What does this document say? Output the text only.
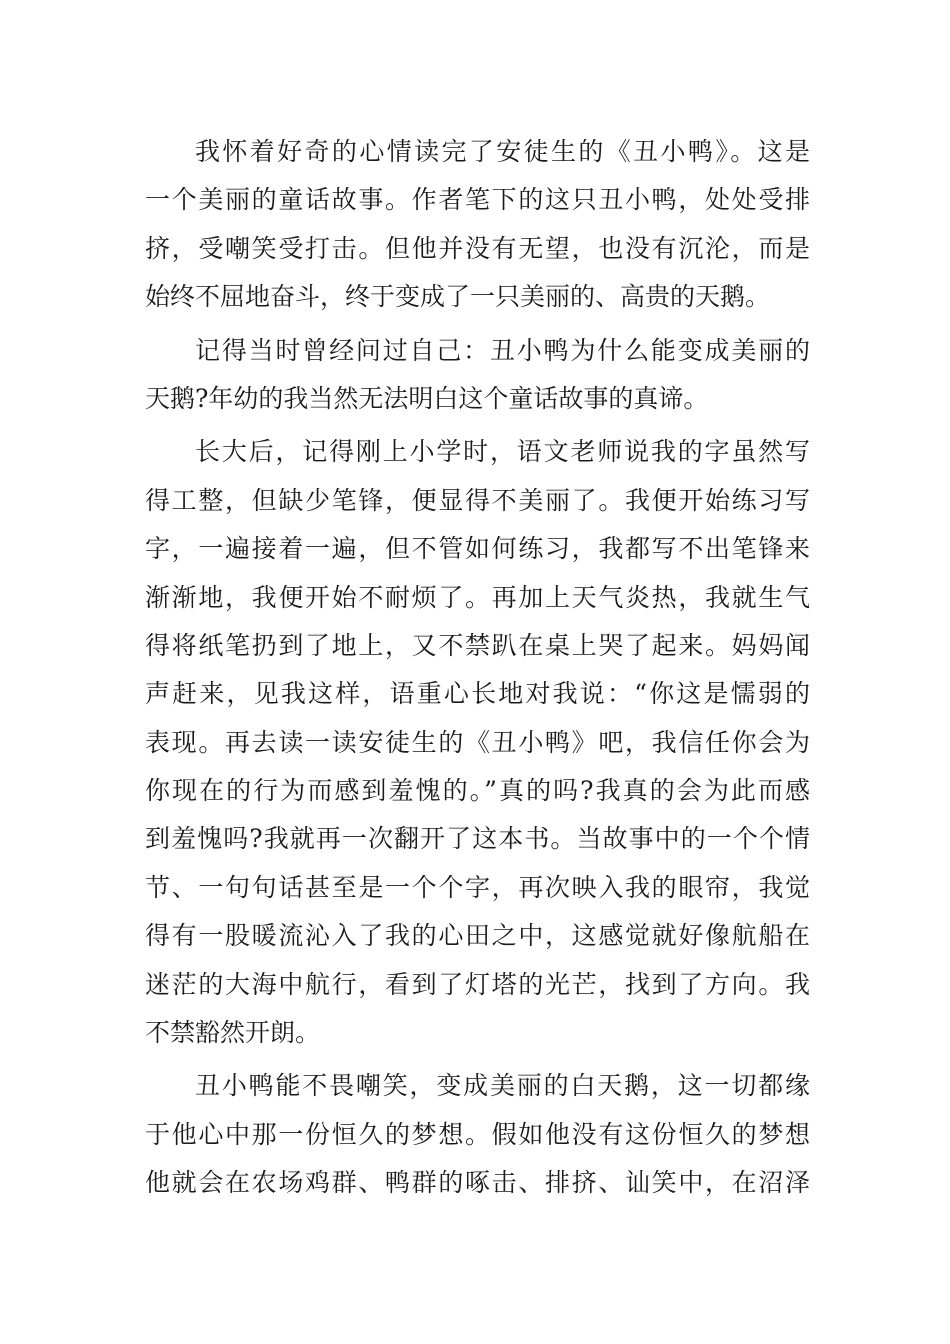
我怀着好奇的心情读完了安徒生的《丑小鸭》。这是
一个美丽的童话故事。作者笔下的这只丑小鸭，处处受排
挤，受嘲笑受打击。但他并没有无望，也没有沉沦，而是
始终不屈地奋斗，终于变成了一只美丽的、高贵的天鹅。
记得当时曾经问过自己：丑小鸭为什么能变成美丽的
天鹅?年幼的我当然无法明白这个童话故事的真谛。
长大后，记得刚上小学时，语文老师说我的字虽然写
得工整，但缺少笔锋，便显得不美丽了。我便开始练习写
字，一遍接着一遍，但不管如何练习，我都写不出笔锋来
渐渐地，我便开始不耐烦了。再加上天气炎热，我就生气
得将纸笔扔到了地上，又不禁趴在桌上哭了起来。妈妈闻
声赶来，见我这样，语重心长地对我说：“你这是懦弱的
表现。再去读一读安徒生的《丑小鸭》吧，我信任你会为
你现在的行为而感到羞愧的。”真的吗?我真的会为此而感
到羞愧吗?我就再一次翻开了这本书。当故事中的一个个情
节、一句句话甚至是一个个字，再次映入我的眼帘，我觉
得有一股暖流沁入了我的心田之中，这感觉就好像航船在
迷茫的大海中航行，看到了灯塔的光芒，找到了方向。我
不禁豁然开朗。
丑小鸭能不畏嘲笑，变成美丽的白天鹅，这一切都缘
于他心中那一份恒久的梦想。假如他没有这份恒久的梦想
他就会在农场鸡群、鸭群的啄击、排挤、讪笑中，在沼泽
